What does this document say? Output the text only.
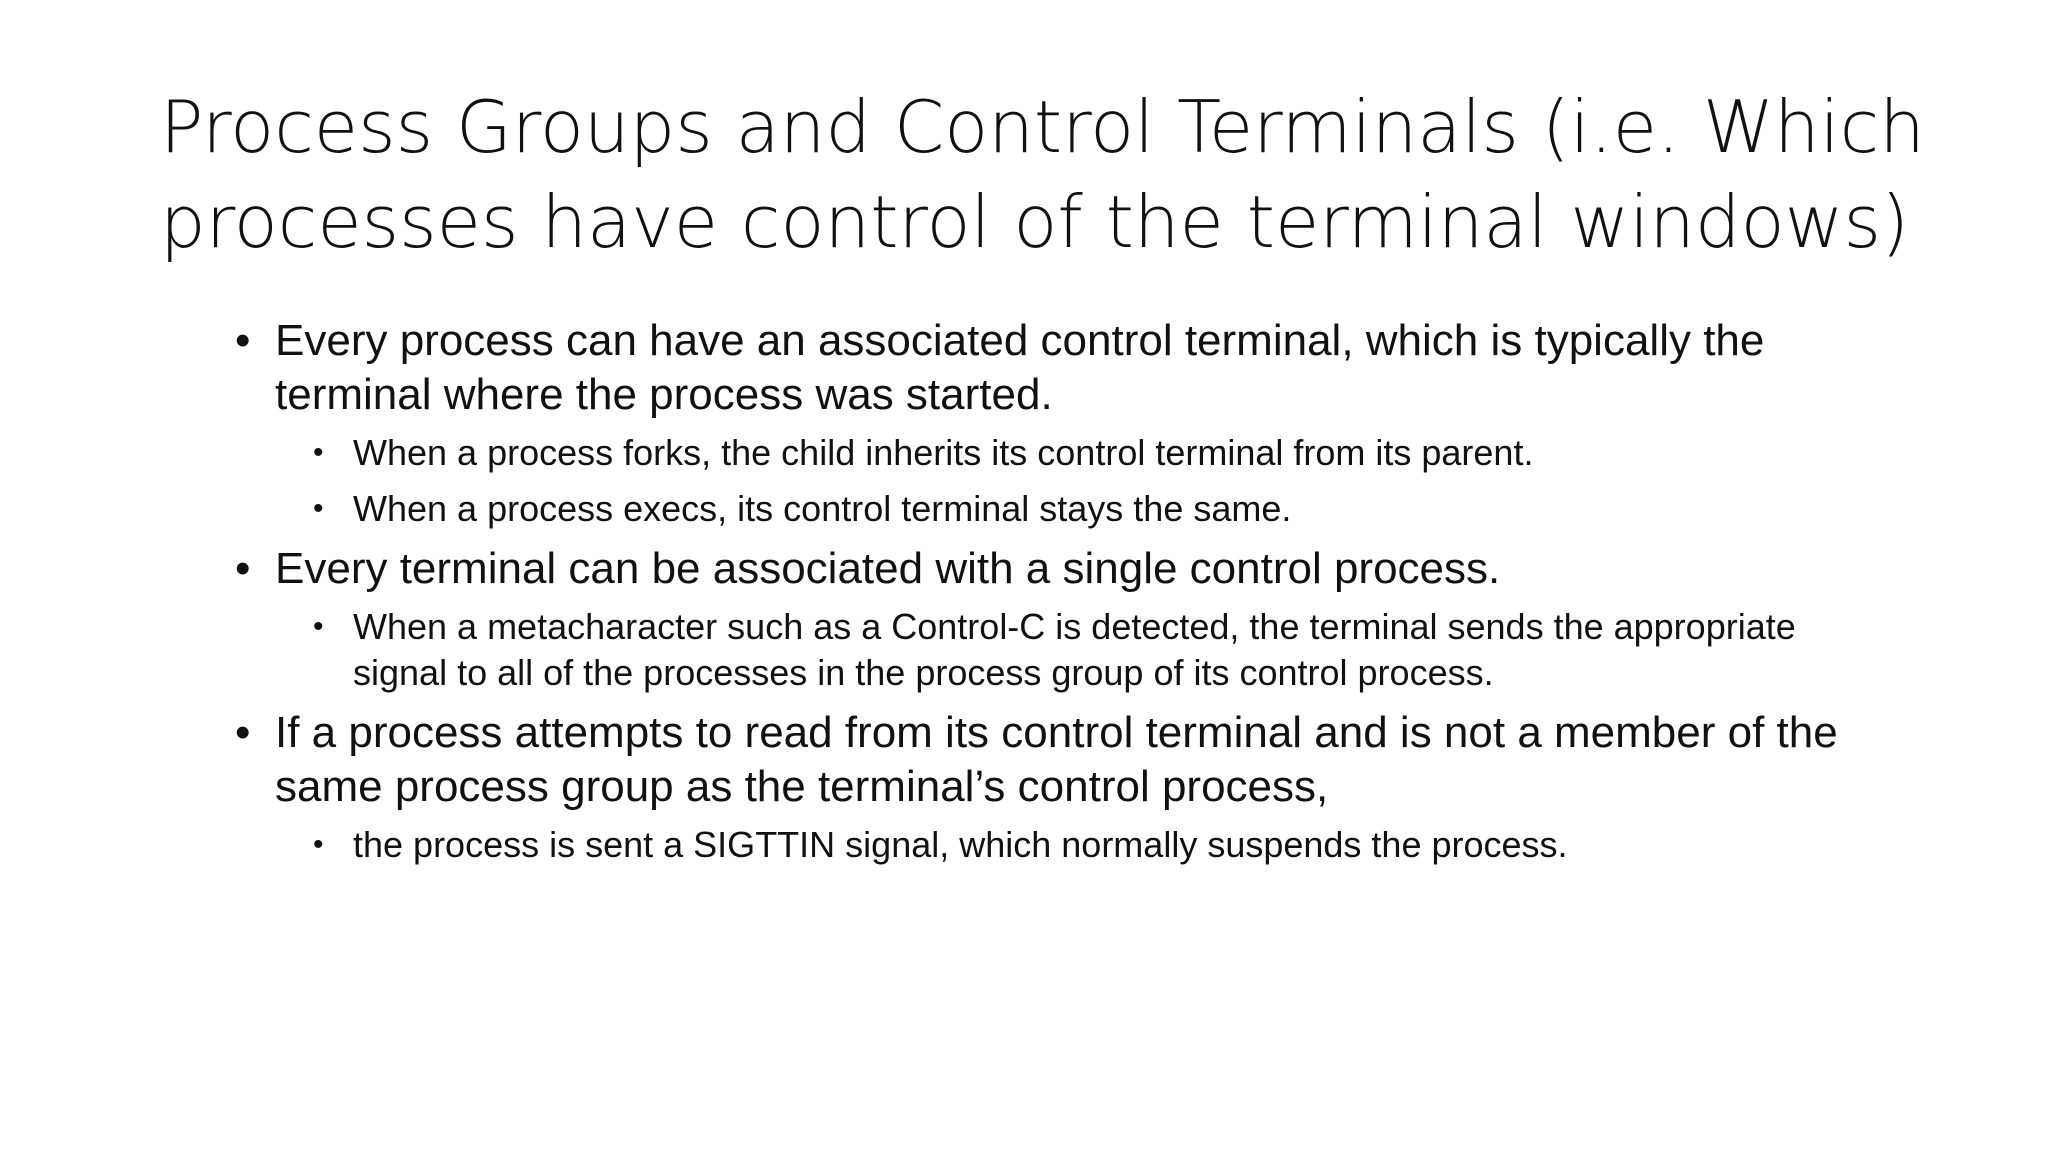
Process Groups and Control Terminals (i.e. Which processes have control of the terminal windows)
• Every process can have an associated control terminal, which is typically the terminal where the process was started.
• When a process forks, the child inherits its control terminal from its parent.
• When a process execs, its control terminal stays the same.
• Every terminal can be associated with a single control process.
• When a metacharacter such as a Control-C is detected, the terminal sends the appropriate signal to all of the processes in the process group of its control process.
• If a process attempts to read from its control terminal and is not a member of the same process group as the terminal’s control process,
• the process is sent a SIGTTIN signal, which normally suspends the process.
